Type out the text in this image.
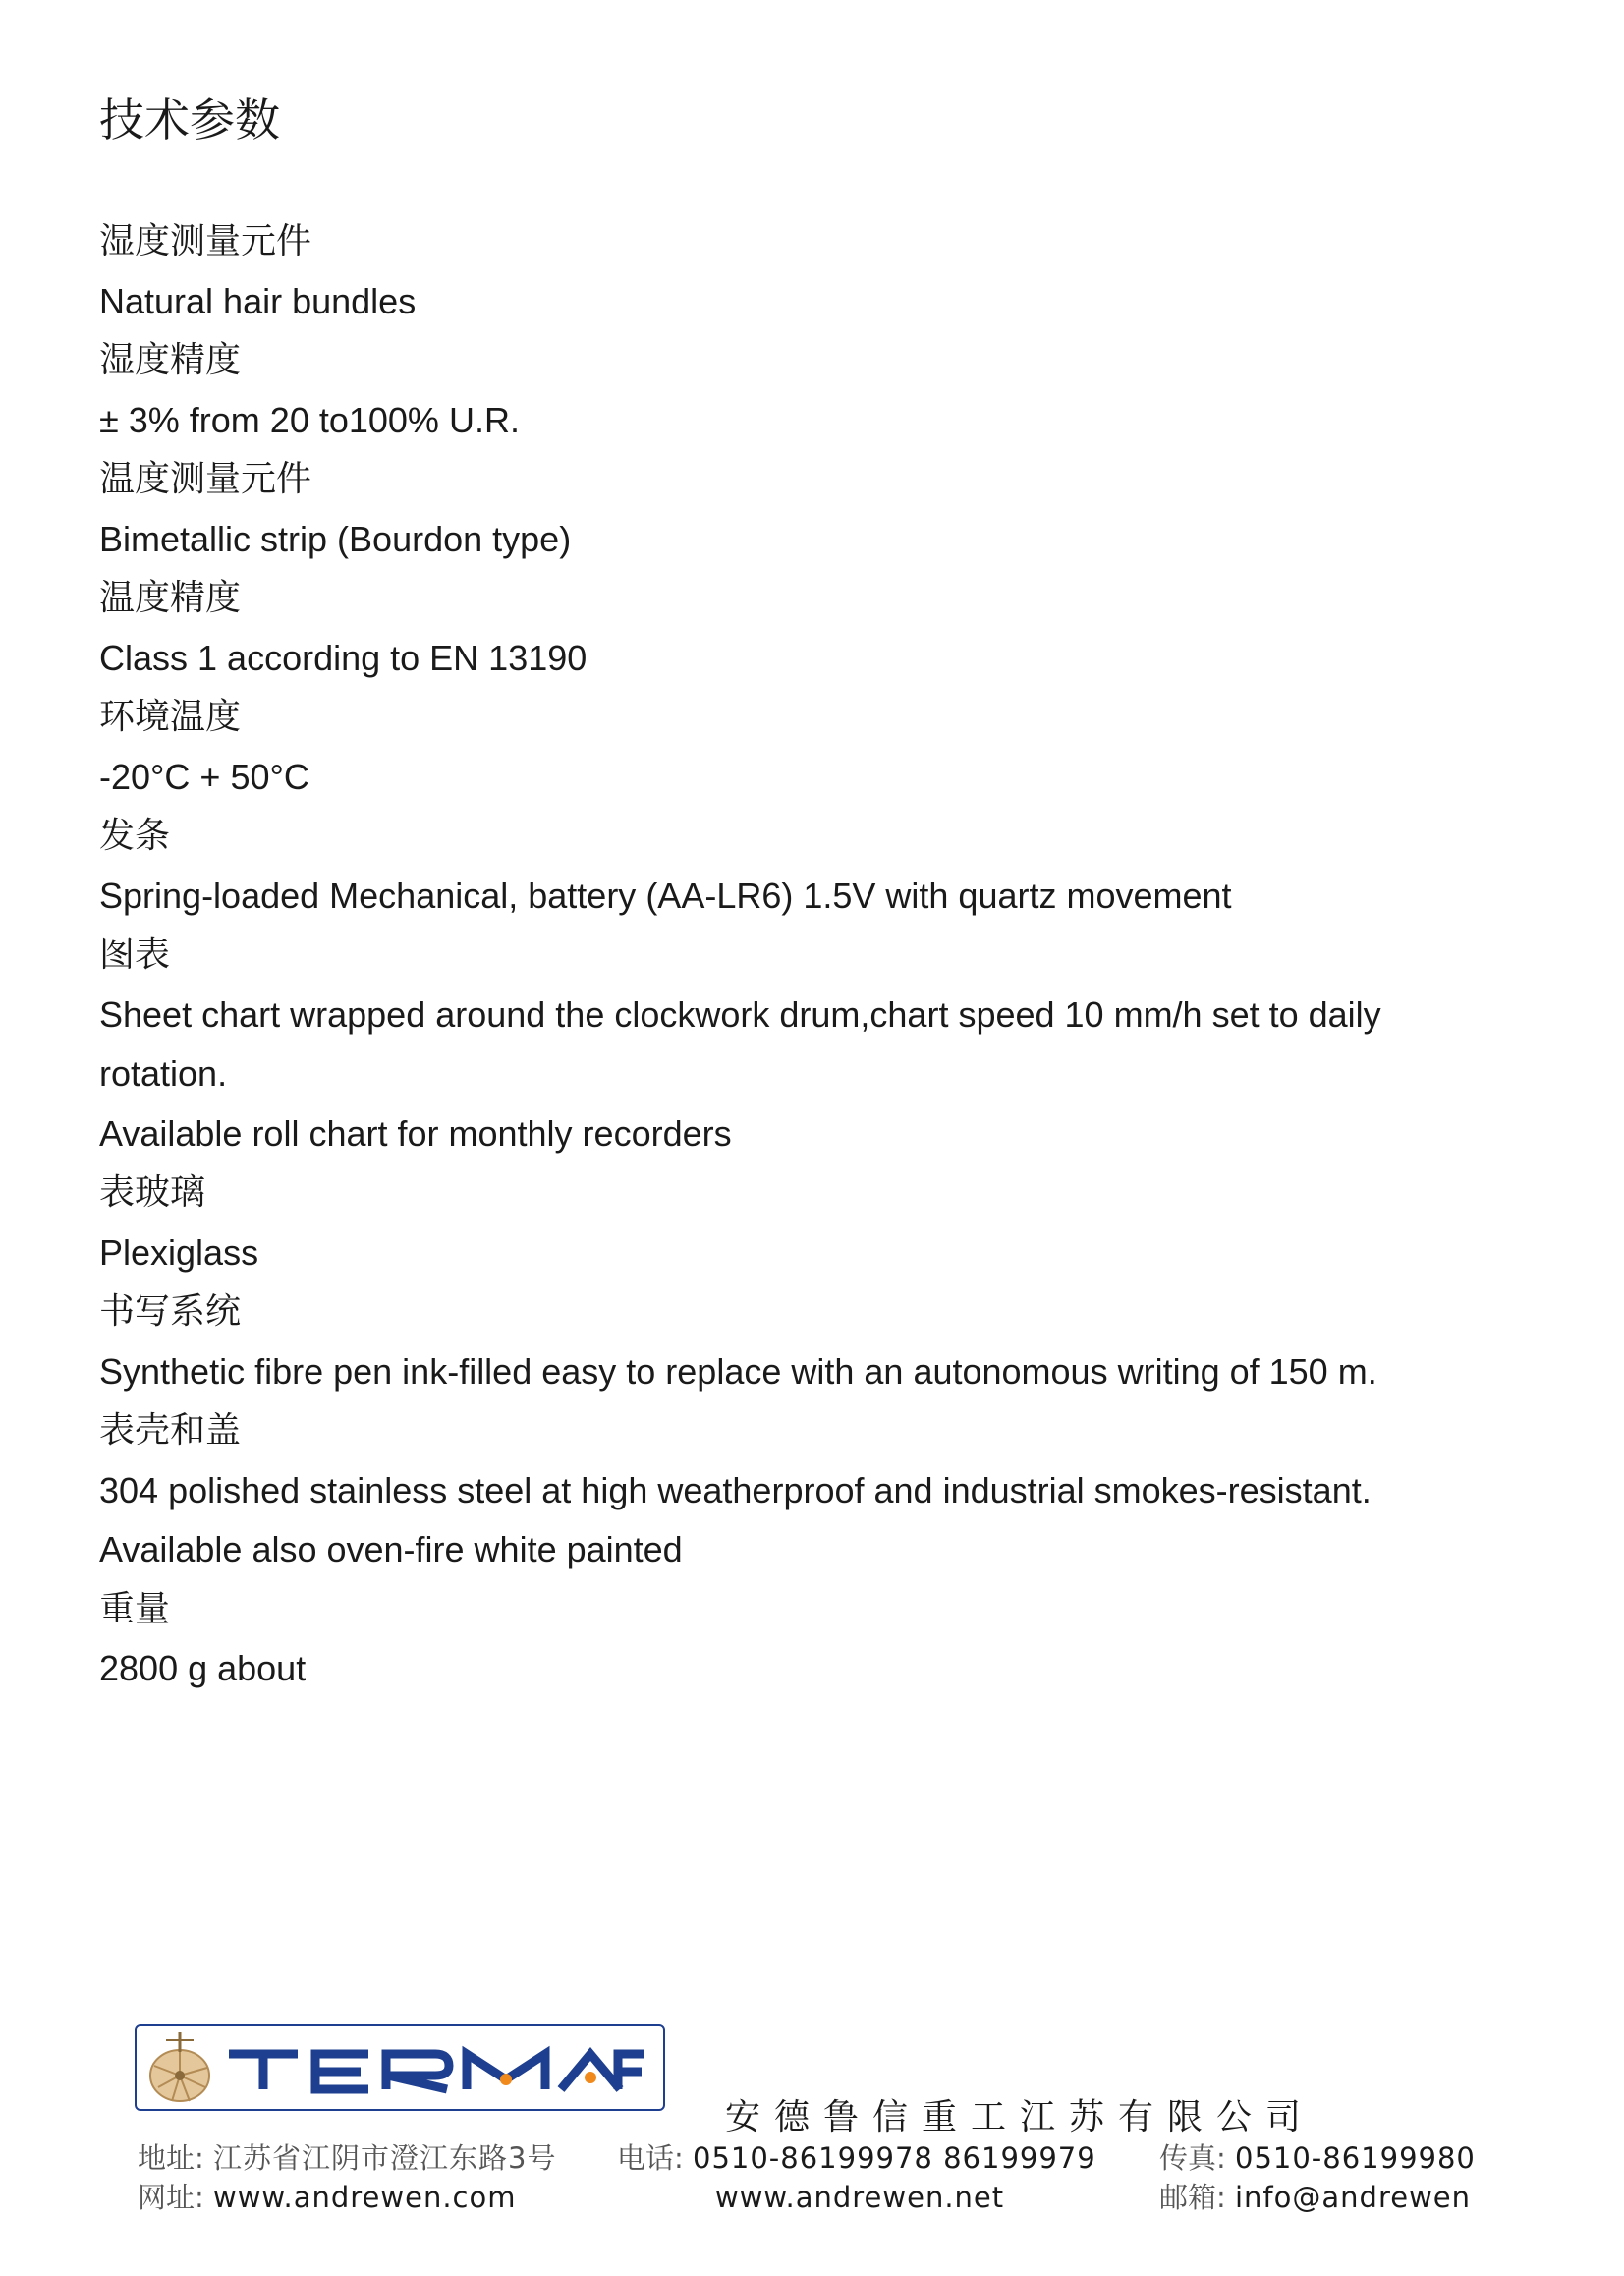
技术参数
湿度测量元件
Natural hair bundles
湿度精度
± 3% from 20 to100% U.R.
温度测量元件
Bimetallic strip (Bourdon type)
温度精度
Class 1 according to EN 13190
环境温度
-20°C + 50°C
发条
Spring-loaded Mechanical, battery (AA-LR6) 1.5V with quartz movement
图表
Sheet chart wrapped around the clockwork drum,chart speed 10 mm/h set to daily
rotation.
Available roll chart for monthly recorders
表玻璃
Plexiglass
书写系统
Synthetic fibre pen ink-filled easy to replace with an autonomous writing of 150 m.
表壳和盖
304 polished stainless steel at high weatherproof and industrial smokes-resistant.
Available also oven-fire white painted
重量
2800 g about
安德鲁信重工江苏有限公司
地址: 江苏省江阴市澄江东路3号 电话: 0510-86199978 86199979 传真: 0510-86199980
网址: www.andrewen.com	www.andrewen.net	邮箱: info@andrewen
